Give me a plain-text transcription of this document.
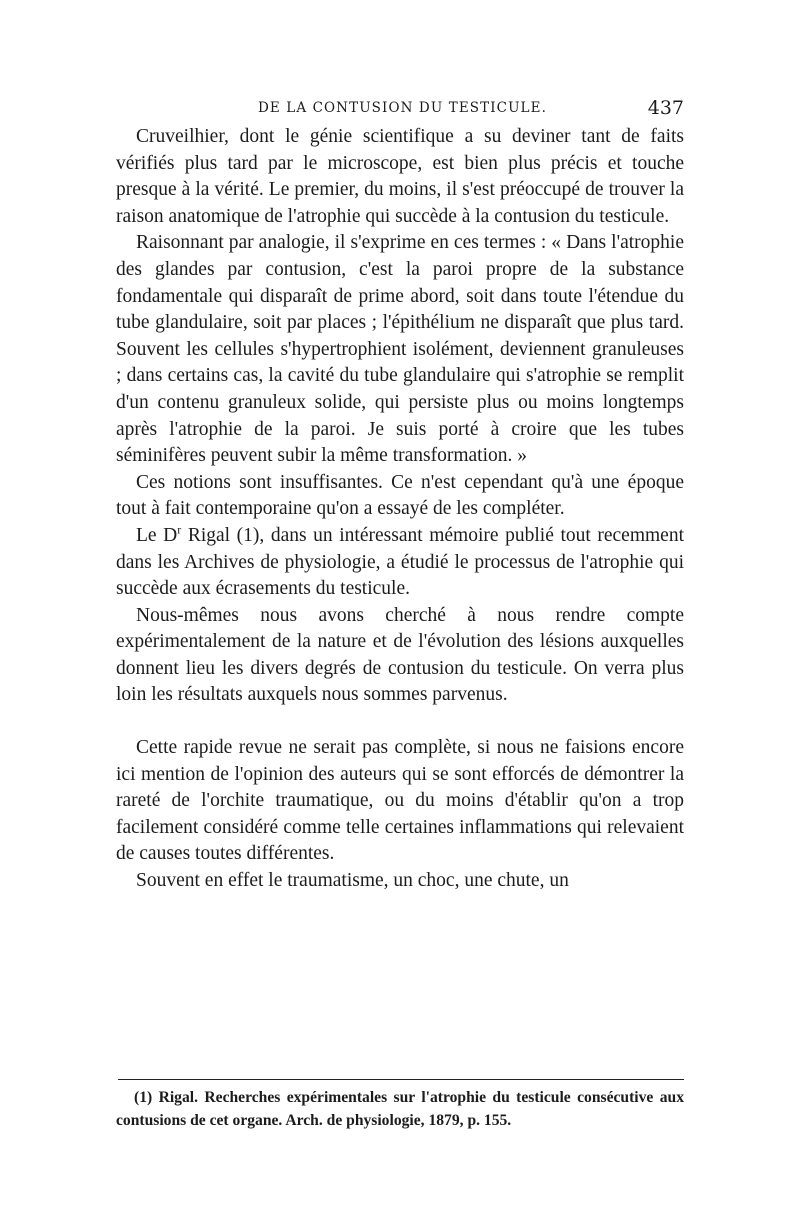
DE LA CONTUSION DU TESTICULE.	437

Cruveilhier, dont le génie scientifique a su deviner tant de faits vérifiés plus tard par le microscope, est bien plus précis et touche presque à la vérité. Le premier, du moins, il s'est préoccupé de trouver la raison anatomique de l'atrophie qui succède à la contusion du testicule.

Raisonnant par analogie, il s'exprime en ces termes : « Dans l'atrophie des glandes par contusion, c'est la paroi propre de la substance fondamentale qui disparaît de prime abord, soit dans toute l'étendue du tube glandulaire, soit par places ; l'épithélium ne disparaît que plus tard. Souvent les cellules s'hypertrophient isolément, deviennent granuleuses ; dans certains cas, la cavité du tube glandulaire qui s'atrophie se remplit d'un contenu granuleux solide, qui persiste plus ou moins longtemps après l'atrophie de la paroi. Je suis porté à croire que les tubes séminifères peuvent subir la même transformation. »

Ces notions sont insuffisantes. Ce n'est cependant qu'à une époque tout à fait contemporaine qu'on a essayé de les compléter.

Le $D^r$ Rigal (1), dans un intéressant mémoire publié tout recemment dans les Archives de physiologie, a étudié le processus de l'atrophie qui succède aux écrasements du testicule.

Nous-mêmes nous avons cherché à nous rendre compte expérimentalement de la nature et de l'évolution des lésions auxquelles donnent lieu les divers degrés de contusion du testicule. On verra plus loin les résultats auxquels nous sommes parvenus.

Cette rapide revue ne serait pas complète, si nous ne faisions encore ici mention de l'opinion des auteurs qui se sont efforcés de démontrer la rareté de l'orchite traumatique, ou du moins d'établir qu'on a trop facilement considéré comme telle certaines inflammations qui relevaient de causes toutes différentes.

Souvent en effet le traumatisme, un choc, une chute, un

(1) Rigal. Recherches expérimentales sur l'atrophie du testicule consécutive aux contusions de cet organe. Arch. de physiologie, 1879, p. 155.
